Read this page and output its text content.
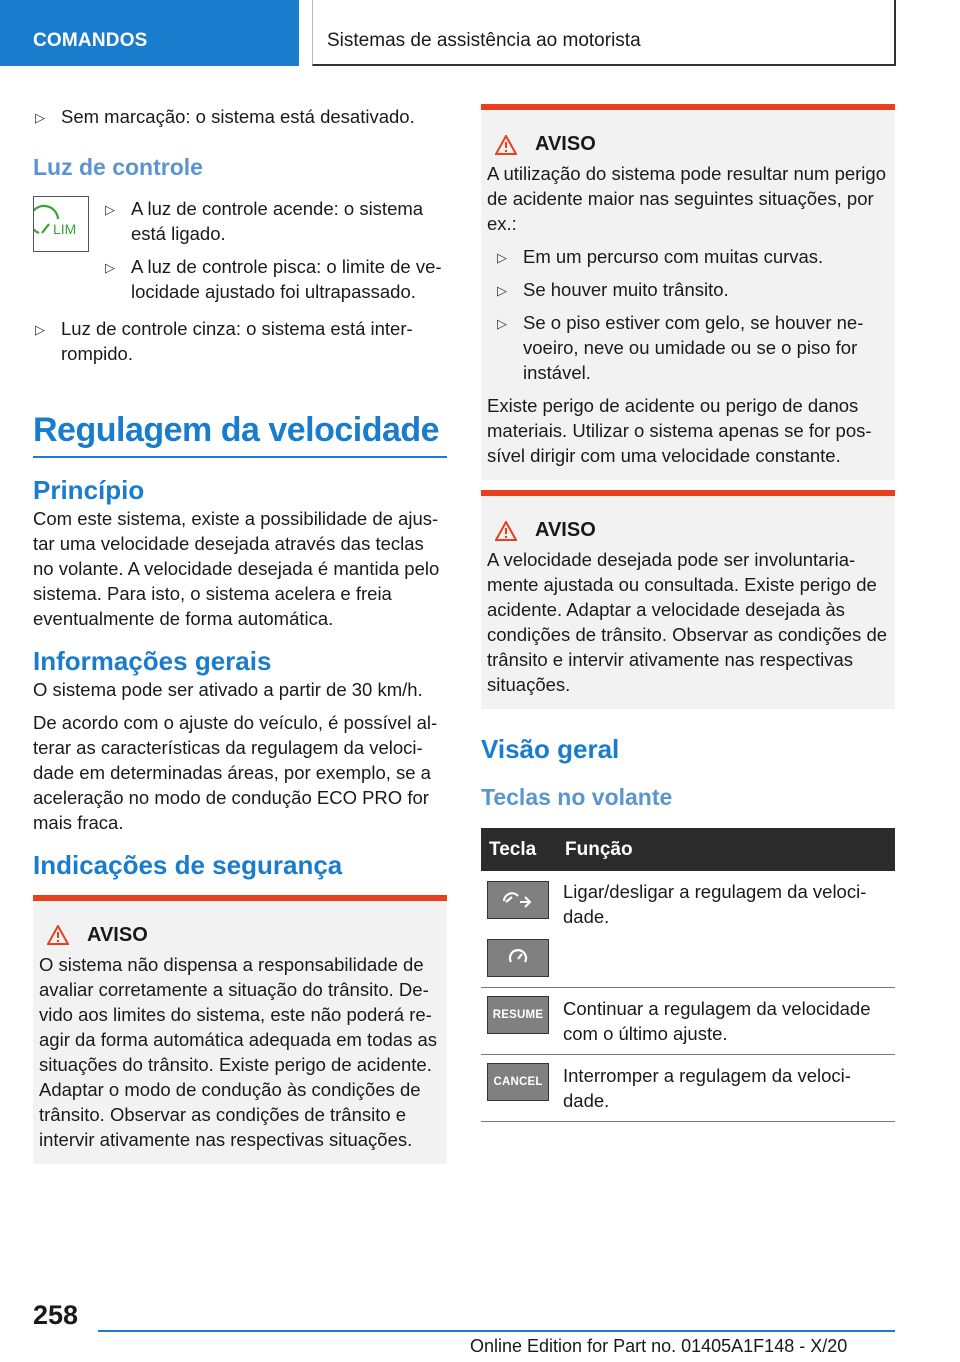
COMANDOS	Sistemas de assistência ao motorista
▷ Sem marcação: o sistema está desativado.
Luz de controle
LIM
▷ A luz de controle acende: o sistema está ligado.
▷ A luz de controle pisca: o limite de velocidade ajustado foi ultrapassado.
▷ Luz de controle cinza: o sistema está interrompido.
Regulagem da velocidade
Princípio

Com este sistema, existe a possibilidade de ajustar uma velocidade desejada através das teclas no volante. A velocidade desejada é mantida pelo sistema. Para isto, o sistema acelera e freia eventualmente de forma automática.

Informações gerais

O sistema pode ser ativado a partir de 30 km/h.

De acordo com o ajuste do veículo, é possível alterar as características da regulagem da velocidade em determinadas áreas, por exemplo, se a aceleração no modo de condução ECO PRO for mais fraca.

Indicações de segurança
AVISO

O sistema não dispensa a responsabilidade de avaliar corretamente a situação do trânsito. Devido aos limites do sistema, este não poderá reagir da forma automática adequada em todas as situações do trânsito. Existe perigo de acidente. Adaptar o modo de condução às condições de trânsito. Observar as condições de trânsito e intervir ativamente nas respectivas situações.

AVISO

A utilização do sistema pode resultar num perigo de acidente maior nas seguintes situações, por ex.:

▷ Em um percurso com muitas curvas.
▷ Se houver muito trânsito.
▷ Se o piso estiver com gelo, se houver nevoeiro, neve ou umidade ou se o piso for instável.

Existe perigo de acidente ou perigo de danos materiais. Utilizar o sistema apenas se for possível dirigir com uma velocidade constante.

AVISO

A velocidade desejada pode ser involuntariamente ajustada ou consultada. Existe perigo de acidente. Adaptar a velocidade desejada às condições de trânsito. Observar as condições de trânsito e intervir ativamente nas respectivas situações.

Visão geral
Teclas no volante
Tecla	Função

	Ligar/desligar a regulagem da velocidade.

RESUME	Continuar a regulagem da velocidade com o último ajuste.

CANCEL	Interromper a regulagem da velocidade.
258
Online Edition for Part no. 01405A1F148 - X/20
